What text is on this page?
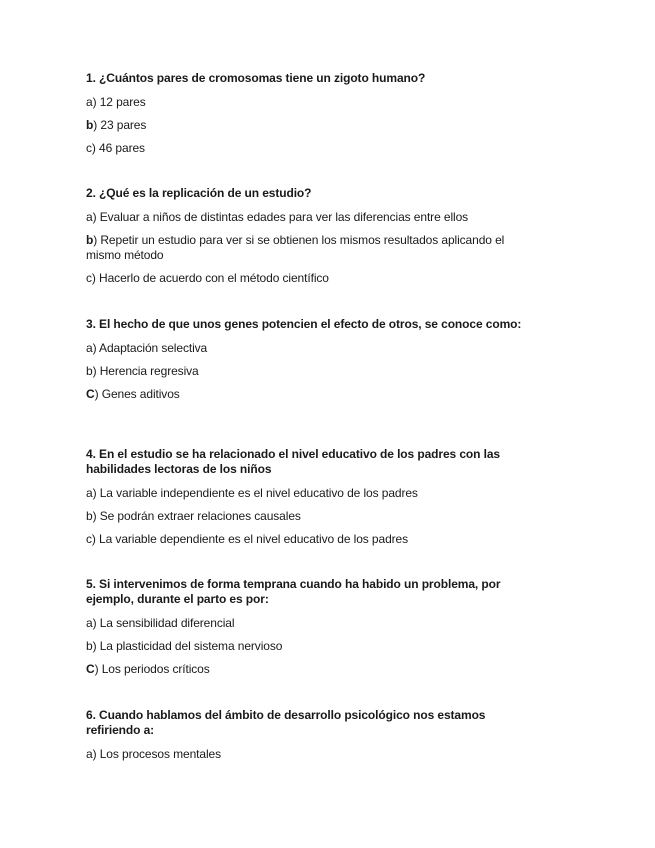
1. ¿Cuántos pares de cromosomas tiene un zigoto humano?

a) 12 pares

b) 23 pares

c) 46 pares

2. ¿Qué es la replicación de un estudio?

a) Evaluar a niños de distintas edades para ver las diferencias entre ellos

b) Repetir un estudio para ver si se obtienen los mismos resultados aplicando el mismo método

c) Hacerlo de acuerdo con el método científico

3. El hecho de que unos genes potencien el efecto de otros, se conoce como:

a) Adaptación selectiva

b) Herencia regresiva

C) Genes aditivos

4. En el estudio se ha relacionado el nivel educativo de los padres con las habilidades lectoras de los niños

a) La variable independiente es el nivel educativo de los padres

b) Se podrán extraer relaciones causales

c) La variable dependiente es el nivel educativo de los padres

5. Si intervenimos de forma temprana cuando ha habido un problema, por ejemplo, durante el parto es por:

a) La sensibilidad diferencial

b) La plasticidad del sistema nervioso

C) Los periodos críticos

6. Cuando hablamos del ámbito de desarrollo psicológico nos estamos refiriendo a:

a) Los procesos mentales
